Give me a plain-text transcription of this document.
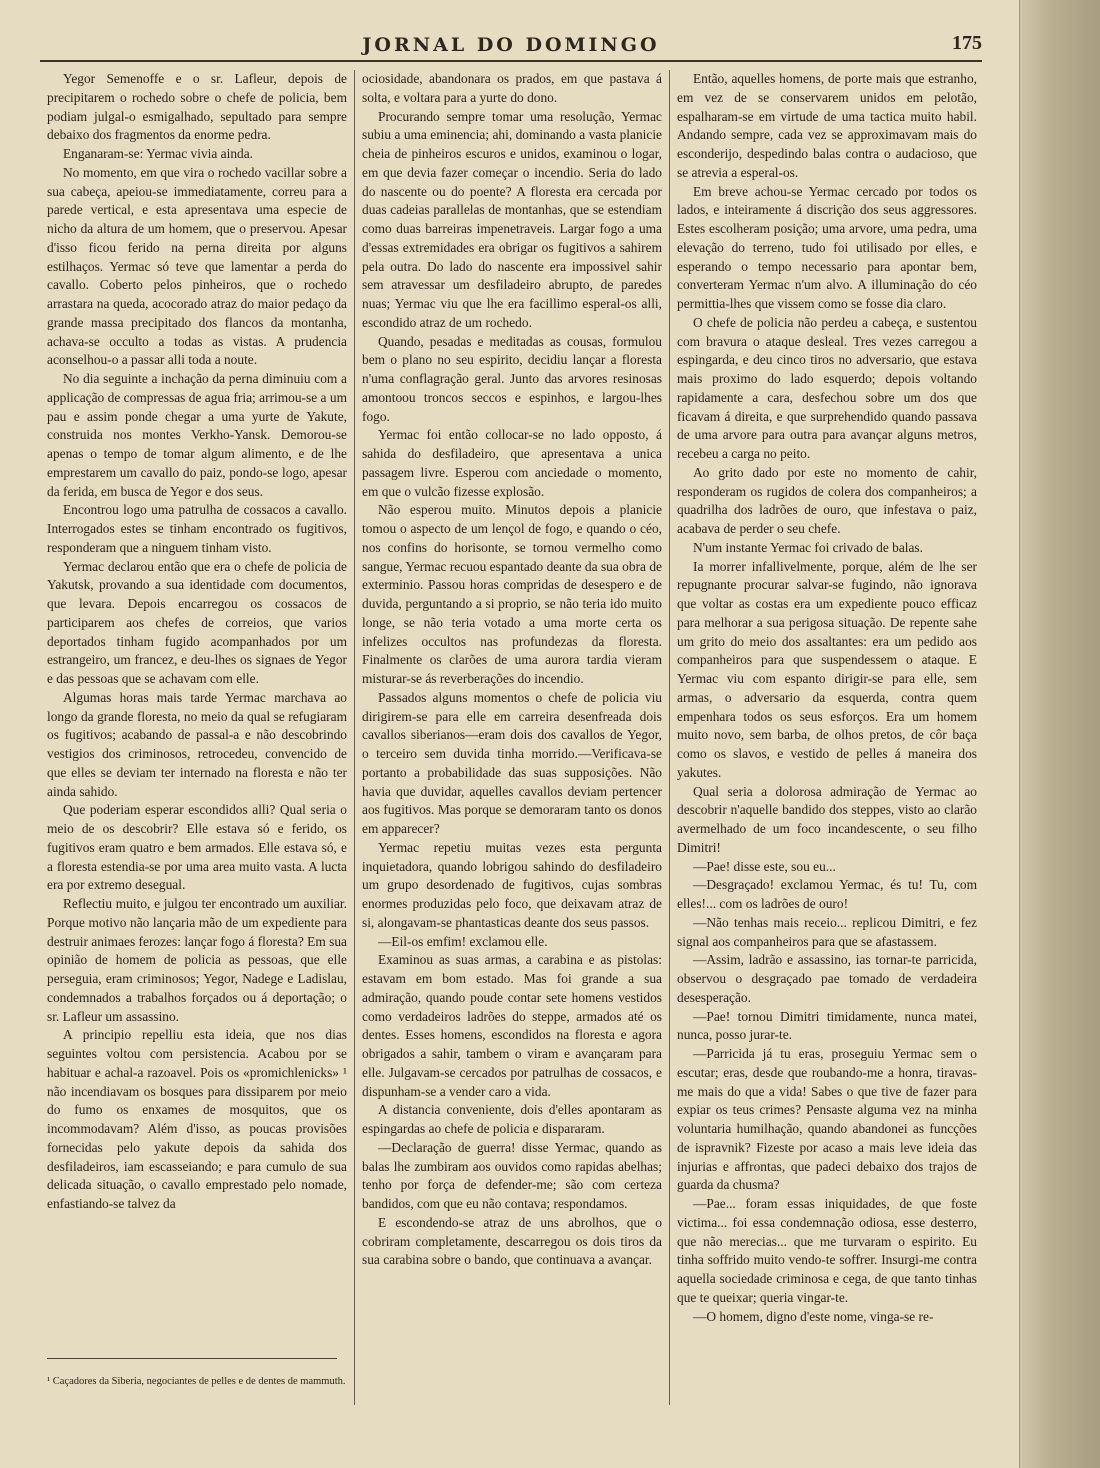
JORNAL DO DOMINGO	175

Yegor Semenoffe e o sr. Lafleur, depois de precipitarem o rochedo sobre o chefe de policia, bem podiam julgal-o esmigalhado, sepultado para sempre debaixo dos fragmentos da enorme pedra.

Enganaram-se: Yermac vivia ainda.

No momento, em que vira o rochedo vacillar sobre a sua cabeça, apeiou-se immediatamente, correu para a parede vertical, e esta apresentava uma especie de nicho da altura de um homem, que o preservou. Apesar d'isso ficou ferido na perna direita por alguns estilhaços. Yermac só teve que lamentar a perda do cavallo. Coberto pelos pinheiros, que o rochedo arrastara na queda, acocorado atraz do maior pedaço da grande massa precipitado dos flancos da montanha, achava-se occulto a todas as vistas. A prudencia aconselhou-o a passar alli toda a noute.

No dia seguinte a inchação da perna diminuiu com a applicação de compressas de agua fria; arrimou-se a um pau e assim ponde chegar a uma yurte de Yakute, construida nos montes Verkho-Yansk. Demorou-se apenas o tempo de tomar algum alimento, e de lhe emprestarem um cavallo do paiz, pondo-se logo, apesar da ferida, em busca de Yegor e dos seus.

Encontrou logo uma patrulha de cossacos a cavallo. Interrogados estes se tinham encontrado os fugitivos, responderam que a ninguem tinham visto.

Yermac declarou então que era o chefe de policia de Yakutsk, provando a sua identidade com documentos, que levara. Depois encarregou os cossacos de participarem aos chefes de correios, que varios deportados tinham fugido acompanhados por um estrangeiro, um francez, e deu-lhes os signaes de Yegor e das pessoas que se achavam com elle.

Algumas horas mais tarde Yermac marchava ao longo da grande floresta, no meio da qual se refugiaram os fugitivos; acabando de passal-a e não descobrindo vestigios dos criminosos, retrocedeu, convencido de que elles se deviam ter internado na floresta e não ter ainda sahido.

Que poderiam esperar escondidos alli? Qual seria o meio de os descobrir? Elle estava só e ferido, os fugitivos eram quatro e bem armados. Elle estava só, e a floresta estendia-se por uma area muito vasta. A lucta era por extremo desegual.

Reflectiu muito, e julgou ter encontrado um auxiliar. Porque motivo não lançaria mão de um expediente para destruir animaes ferozes: lançar fogo á floresta? Em sua opinião de homem de policia as pessoas, que elle perseguia, eram criminosos; Yegor, Nadege e Ladislau, condemnados a trabalhos forçados ou á deportação; o sr. Lafleur um assassino.

A principio repelliu esta ideia, que nos dias seguintes voltou com persistencia. Acabou por se habituar e achal-a razoavel. Pois os «promichlenicks» ¹ não incendiavam os bosques para dissiparem por meio do fumo os enxames de mosquitos, que os incommodavam? Além d'isso, as poucas provisões fornecidas pelo yakute depois da sahida dos desfiladeiros, iam escasseiando; e para cumulo de sua delicada situação, o cavallo emprestado pelo nomade, enfastiando-se talvez da

ociosidade, abandonara os prados, em que pastava á solta, e voltara para a yurte do dono.

Procurando sempre tomar uma resolução, Yermac subiu a uma eminencia; ahi, dominando a vasta planicie cheia de pinheiros escuros e unidos, examinou o logar, em que devia fazer começar o incendio. Seria do lado do nascente ou do poente? A floresta era cercada por duas cadeias parallelas de montanhas, que se estendiam como duas barreiras impenetraveis. Largar fogo a uma d'essas extremidades era obrigar os fugitivos a sahirem pela outra. Do lado do nascente era impossivel sahir sem atravessar um desfiladeiro abrupto, de paredes nuas; Yermac viu que lhe era facillimo esperal-os alli, escondido atraz de um rochedo.

Quando, pesadas e meditadas as cousas, formulou bem o plano no seu espirito, decidiu lançar a floresta n'uma conflagração geral. Junto das arvores resinosas amontoou troncos seccos e espinhos, e largou-lhes fogo.

Yermac foi então collocar-se no lado opposto, á sahida do desfiladeiro, que apresentava a unica passagem livre. Esperou com anciedade o momento, em que o vulcão fizesse explosão.

Não esperou muito. Minutos depois a planicie tomou o aspecto de um lençol de fogo, e quando o céo, nos confins do horisonte, se tornou vermelho como sangue, Yermac recuou espantado deante da sua obra de exterminio. Passou horas compridas de desespero e de duvida, perguntando a si proprio, se não teria ido muito longe, se não teria votado a uma morte certa os infelizes occultos nas profundezas da floresta. Finalmente os clarões de uma aurora tardia vieram misturar-se ás reverberações do incendio.

Passados alguns momentos o chefe de policia viu dirigirem-se para elle em carreira desenfreada dois cavallos siberianos—eram dois dos cavallos de Yegor, o terceiro sem duvida tinha morrido.—Verificava-se portanto a probabilidade das suas supposições. Não havia que duvidar, aquelles cavallos deviam pertencer aos fugitivos. Mas porque se demoraram tanto os donos em apparecer?

Yermac repetiu muitas vezes esta pergunta inquietadora, quando lobrigou sahindo do desfiladeiro um grupo desordenado de fugitivos, cujas sombras enormes produzidas pelo foco, que deixavam atraz de si, alongavam-se phantasticas deante dos seus passos.

—Eil-os emfim! exclamou elle.

Examinou as suas armas, a carabina e as pistolas: estavam em bom estado. Mas foi grande a sua admiração, quando poude contar sete homens vestidos como verdadeiros ladrões do steppe, armados até os dentes. Esses homens, escondidos na floresta e agora obrigados a sahir, tambem o viram e avançaram para elle. Julgavam-se cercados por patrulhas de cossacos, e dispunham-se a vender caro a vida.

A distancia conveniente, dois d'elles apontaram as espingardas ao chefe de policia e dispararam.

—Declaração de guerra! disse Yermac, quando as balas lhe zumbiram aos ouvidos como rapidas abelhas; tenho por força de defender-me; são com certeza bandidos, com que eu não contava; respondamos.

E escondendo-se atraz de uns abrolhos, que o cobriram completamente, descarregou os dois tiros da sua carabina sobre o bando, que continuava a avançar.

Então, aquelles homens, de porte mais que estranho, em vez de se conservarem unidos em pelotão, espalharam-se em virtude de uma tactica muito habil. Andando sempre, cada vez se approximavam mais do esconderijo, despedindo balas contra o audacioso, que se atrevia a esperal-os.

Em breve achou-se Yermac cercado por todos os lados, e inteiramente á discrição dos seus aggressores. Estes escolheram posição; uma arvore, uma pedra, uma elevação do terreno, tudo foi utilisado por elles, e esperando o tempo necessario para apontar bem, converteram Yermac n'um alvo. A illuminação do céo permittia-lhes que vissem como se fosse dia claro.

O chefe de policia não perdeu a cabeça, e sustentou com bravura o ataque desleal. Tres vezes carregou a espingarda, e deu cinco tiros no adversario, que estava mais proximo do lado esquerdo; depois voltando rapidamente a cara, desfechou sobre um dos que ficavam á direita, e que surprehendido quando passava de uma arvore para outra para avançar alguns metros, recebeu a carga no peito.

Ao grito dado por este no momento de cahir, responderam os rugidos de colera dos companheiros; a quadrilha dos ladrões de ouro, que infestava o paiz, acabava de perder o seu chefe.

N'um instante Yermac foi crivado de balas.

Ia morrer infallivelmente, porque, além de lhe ser repugnante procurar salvar-se fugindo, não ignorava que voltar as costas era um expediente pouco efficaz para melhorar a sua perigosa situação. De repente sahe um grito do meio dos assaltantes: era um pedido aos companheiros para que suspendessem o ataque. E Yermac viu com espanto dirigir-se para elle, sem armas, o adversario da esquerda, contra quem empenhara todos os seus esforços. Era um homem muito novo, sem barba, de olhos pretos, de côr baça como os slavos, e vestido de pelles á maneira dos yakutes.

Qual seria a dolorosa admiração de Yermac ao descobrir n'aquelle bandido dos steppes, visto ao clarão avermelhado de um foco incandescente, o seu filho Dimitri!

—Pae! disse este, sou eu...

—Desgraçado! exclamou Yermac, és tu! Tu, com elles!... com os ladrões de ouro!

—Não tenhas mais receio... replicou Dimitri, e fez signal aos companheiros para que se afastassem.

—Assim, ladrão e assassino, ias tornar-te parricida, observou o desgraçado pae tomado de verdadeira desesperação.

—Pae! tornou Dimitri timidamente, nunca matei, nunca, posso jurar-te.

—Parricida já tu eras, proseguiu Yermac sem o escutar; eras, desde que roubando-me a honra, tiravas-me mais do que a vida! Sabes o que tive de fazer para expiar os teus crimes? Pensaste alguma vez na minha voluntaria humilhação, quando abandonei as funcções de ispravnik? Fizeste por acaso a mais leve ideia das injurias e affrontas, que padeci debaixo dos trajos de guarda da chusma?

—Pae... foram essas iniquidades, de que foste victima... foi essa condemnação odiosa, esse desterro, que não merecias... que me turvaram o espirito. Eu tinha soffrido muito vendo-te soffrer. Insurgi-me contra aquella sociedade criminosa e cega, de que tanto tinhas que te queixar; queria vingar-te.

—O homem, digno d'este nome, vinga-se re-

¹ Caçadores da Siberia, negociantes de pelles e de dentes de mammuth.
